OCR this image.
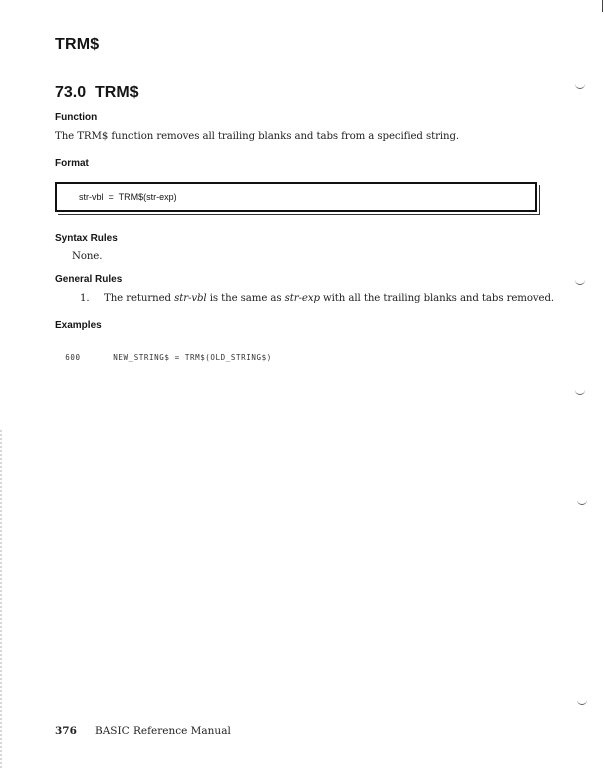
TRM$
73.0 TRM$
Function
The TRM$ function removes all trailing blanks and tabs from a specified string.
Format
str-vbl  =  TRM$(str-exp)
Syntax Rules
None.
General Rules
1. The returned str-vbl is the same as str-exp with all the trailing blanks and tabs removed.
Examples

600	NEW_STRING$ = TRM$(OLD_STRING$)

376 BASIC Reference Manual
